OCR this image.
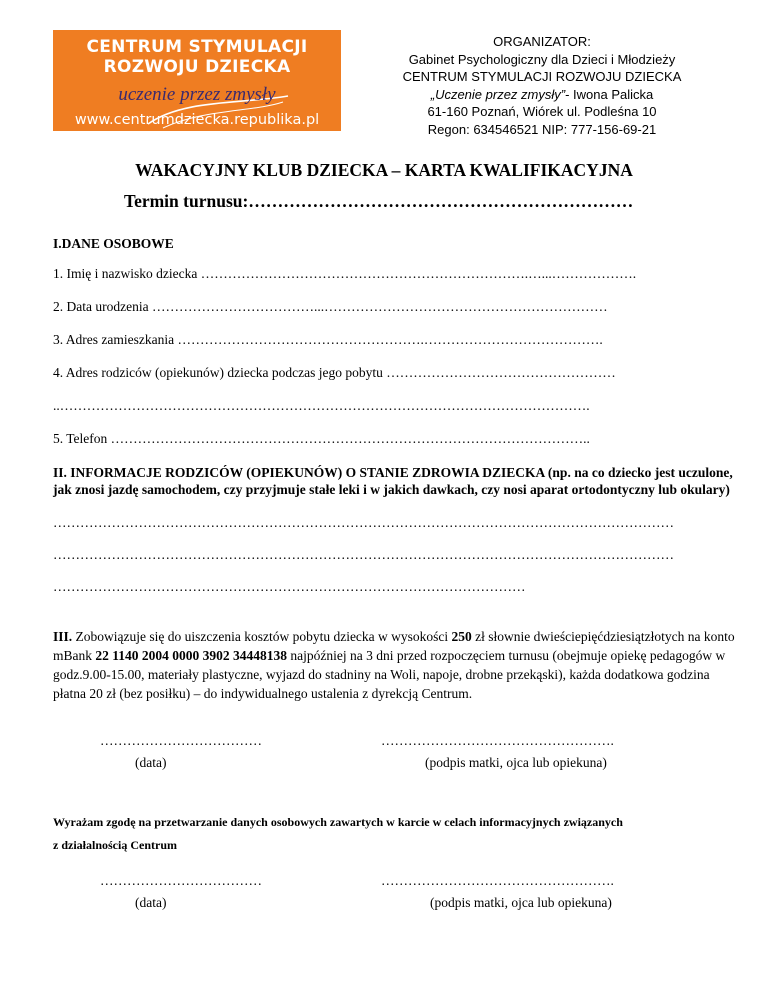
CENTRUM STYMULACJI
ROZWOJU DZIECKA
uczenie przez zmysły
www.centrumdziecka.republika.pl
ORGANIZATOR:
Gabinet Psychologiczny dla Dzieci i Młodzieży
CENTRUM STYMULACJI ROZWOJU DZIECKA
„Uczenie przez zmysły”- Iwona Palicka
61-160 Poznań, Wiórek ul. Podleśna 10
Regon: 634546521 NIP: 777-156-69-21
WAKACYJNY KLUB DZIECKA – KARTA KWALIFIKACYJNA
Termin turnusu:…………………………………………………………
I.DANE OSOBOWE
1. Imię i nazwisko dziecka ……………………………………………………………….…...……………….
2. Data urodzenia ………………………………...………………………………………………………
3. Adres zamieszkania ……………………………………………….………………………………….
4. Adres rodziców (opiekunów) dziecka podczas jego pobytu ……………………………………………
..……………………………………………………………………………………………………….
5. Telefon ……………………………………………………………………………………………..
II. INFORMACJE RODZICÓW (OPIEKUNÓW) O STANIE ZDROWIA DZIECKA (np. na co dziecko jest uczulone, jak znosi jazdę samochodem, czy przyjmuje stałe leki i w jakich dawkach, czy nosi aparat ortodontyczny lub okulary)
…………………………………………………………………………………………………………………………
…………………………………………………………………………………………………………………………
……………………………………………………………………………………………
III. Zobowiązuje się do uiszczenia kosztów pobytu dziecka w wysokości 250 zł słownie dwieściepięćdziesiątzłotych na konto mBank 22 1140 2004 0000 3902 34448138 najpóźniej na 3 dni przed rozpoczęciem turnusu (obejmuje opiekę pedagogów w godz.9.00-15.00, materiały plastyczne, wyjazd do stadniny na Woli, napoje, drobne przekąski), każda dodatkowa godzina płatna 20 zł (bez posiłku) – do indywidualnego ustalenia z dyrekcją Centrum.
………………………………	…………………………………………….
(data)	(podpis matki, ojca lub opiekuna)
Wyrażam zgodę na przetwarzanie danych osobowych zawartych w karcie w celach informacyjnych związanych
z działalnością Centrum
………………………………	…………………………………………….
(data)	(podpis matki, ojca lub opiekuna)
